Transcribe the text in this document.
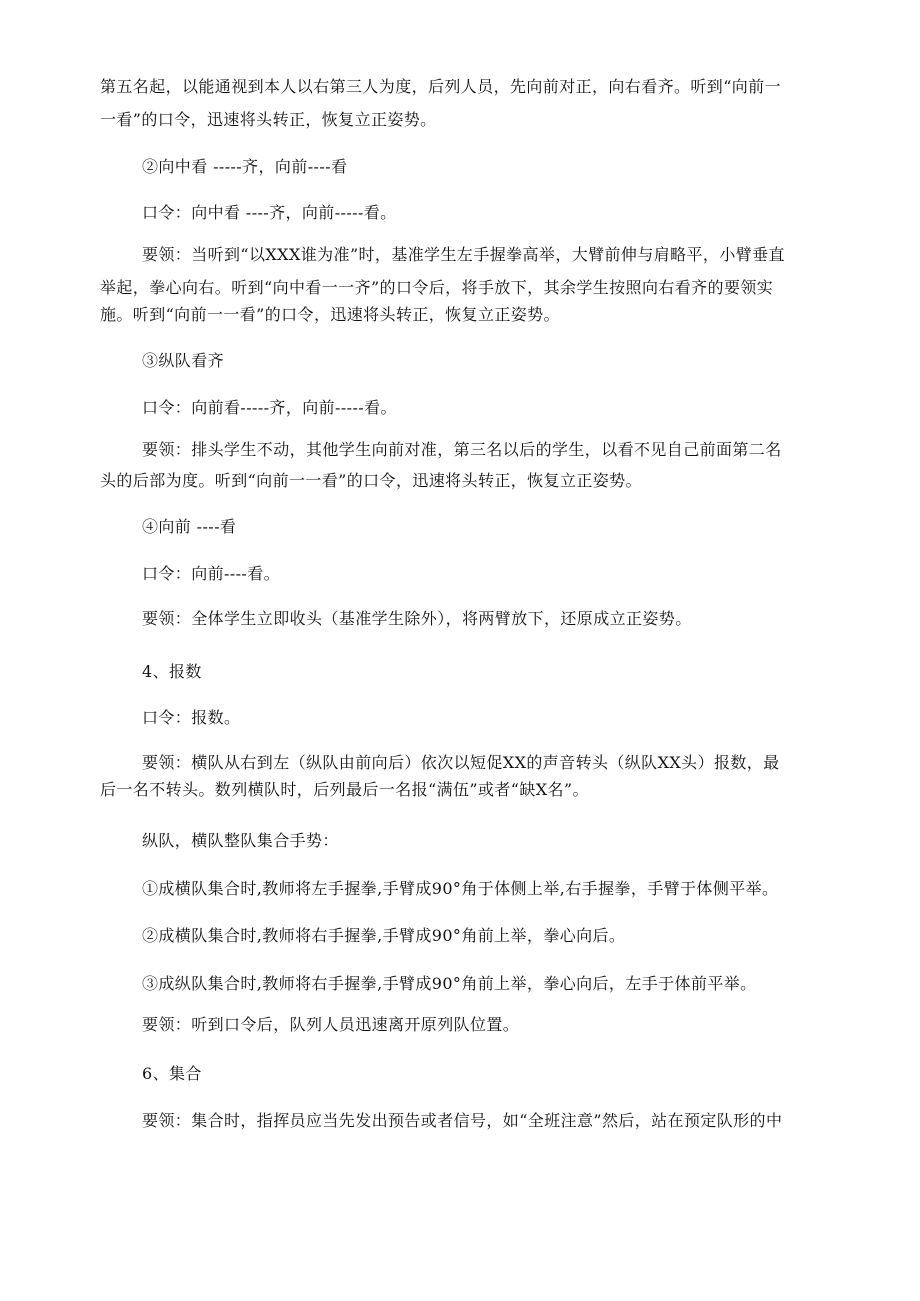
第五名起，以能通视到本人以右第三人为度，后列人员，先向前对正，向右看齐。听到“向前一
一看”的口令，迅速将头转正，恢复立正姿势。
②向中看 -----齐，向前----看
口令：向中看 ----齐，向前-----看。
要领：当听到“以XXX谁为准”时，基准学生左手握拳高举，大臂前伸与肩略平，小臂垂直
举起，拳心向右。听到“向中看一一齐”的口令后，将手放下，其余学生按照向右看齐的要领实
施。听到“向前一一看”的口令，迅速将头转正，恢复立正姿势。
③纵队看齐
口令：向前看-----齐，向前-----看。
要领：排头学生不动，其他学生向前对准，第三名以后的学生，以看不见自己前面第二名
头的后部为度。听到“向前一一看”的口令，迅速将头转正，恢复立正姿势。
④向前 ----看
口令：向前----看。
要领：全体学生立即收头（基准学生除外），将两臂放下，还原成立正姿势。
4、报数
口令：报数。
要领：横队从右到左（纵队由前向后）依次以短促XX的声音转头（纵队XX头）报数，最
后一名不转头。数列横队时，后列最后一名报“满伍”或者“缺X名”。
纵队，横队整队集合手势：
①成横队集合时,教师将左手握拳,手臂成90°角于体侧上举,右手握拳，手臂于体侧平举。
②成横队集合时,教师将右手握拳,手臂成90°角前上举，拳心向后。
③成纵队集合时,教师将右手握拳,手臂成90°角前上举，拳心向后，左手于体前平举。
要领：听到口令后，队列人员迅速离开原列队位置。
6、集合
要领：集合时，指挥员应当先发出预告或者信号，如“全班注意”然后，站在预定队形的中
